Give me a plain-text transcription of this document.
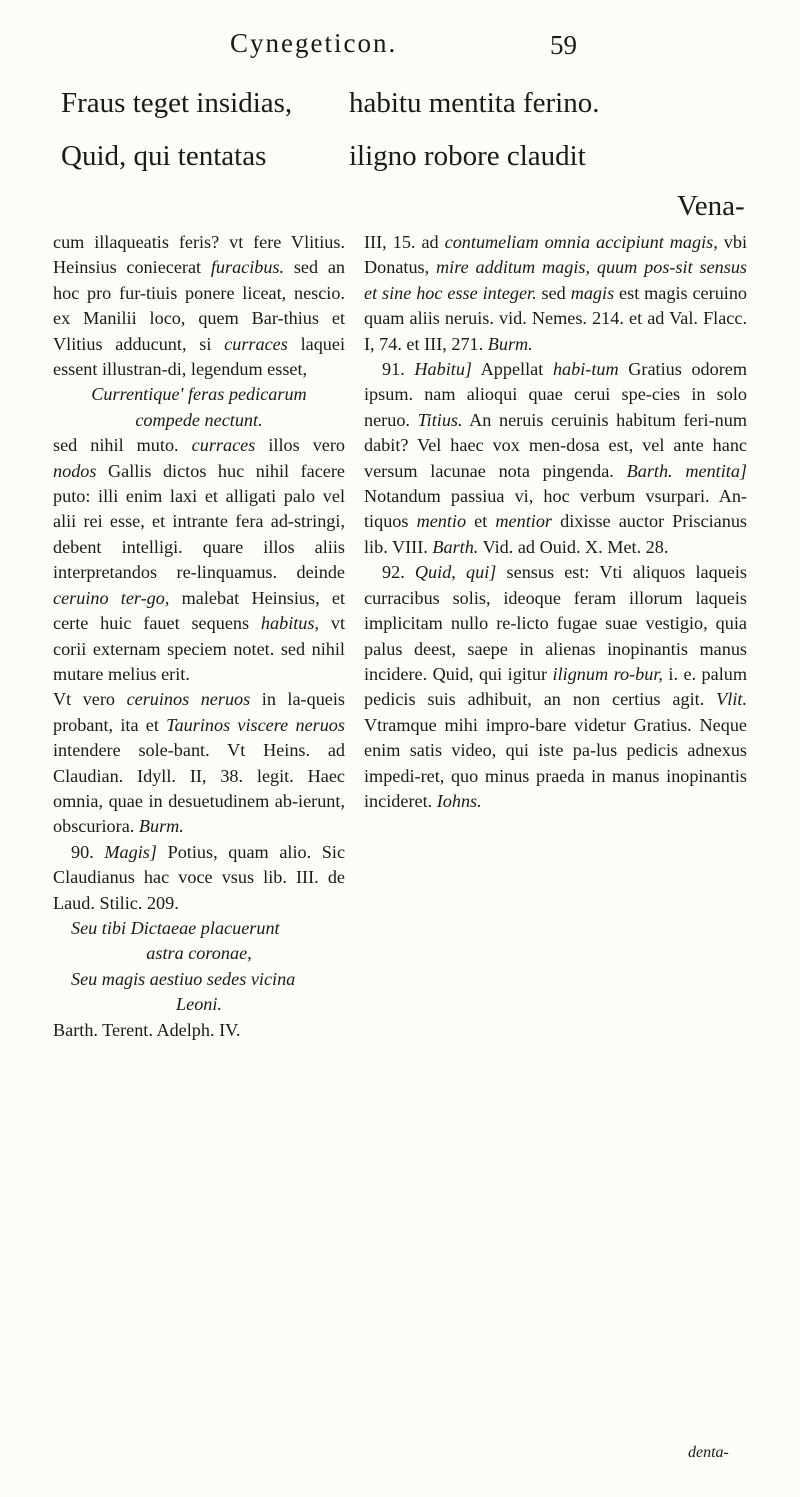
Cynegeticon.	59
Fraus teget insidias, habitu mentita ferino.
Quid, qui tentatas	iligno robore claudit
Vena-

cum illaqueatis feris? vt fere Vlitius. Heinsius coniecerat furacibus. sed an hoc pro fur-tiuis ponere liceat, nescio. ex Manilii loco, quem Bar-thius et Vlitius adducunt, si curraces laquei essent illustran-di, legendum esset,

Currentique' feras pedicarum

compede nectunt.

sed nihil muto. curraces illos vero nodos Gallis dictos huc nihil facere puto: illi enim laxi et alligati palo vel alii rei esse, et intrante fera ad-stringi, debent intelligi. quare illos aliis interpretandos re-linquamus. deinde ceruino ter-go, malebat Heinsius, et certe huic fauet sequens habitus, vt corii externam speciem notet. sed nihil mutare melius erit.

Vt vero ceruinos neruos in la-queis probant, ita et Taurinos viscere neruos intendere sole-bant. Vt Heins. ad Claudian. Idyll. II, 38. legit. Haec omnia, quae in desuetudinem ab-ierunt, obscuriora. Burm.

90. Magis] Potius, quam alio. Sic Claudianus hac voce vsus lib. III. de Laud. Stilic. 209.

Seu tibi Dictaeae placuerunt

astra coronae,

Seu magis aestiuo sedes vicina

Leoni.

Barth. Terent. Adelph. IV.

III, 15. ad contumeliam omnia accipiunt magis, vbi Donatus, mire additum magis, quum pos-sit sensus et sine hoc esse integer. sed magis est magis ceruino quam aliis neruis. vid. Nemes. 214. et ad Val. Flacc. I, 74. et III, 271. Burm.

91. Habitu] Appellat habi-tum Gratius odorem ipsum. nam alioqui quae cerui spe-cies in solo neruo. Titius. An neruis ceruinis habitum feri-num dabit? Vel haec vox men-dosa est, vel ante hanc versum lacunae nota pingenda. Barth. mentita] Notandum passiua vi, hoc verbum vsurpari. An-tiquos mentio et mentior dixisse auctor Priscianus lib. VIII. Barth. Vid. ad Ouid. X. Met. 28.

92. Quid, qui] sensus est: Vti aliquos laqueis curracibus solis, ideoque feram illorum laqueis implicitam nullo re-licto fugae suae vestigio, quia palus deest, saepe in alienas inopinantis manus incidere. Quid, qui igitur ilignum ro-bur, i. e. palum pedicis suis adhibuit, an non certius agit. Vlit. Vtramque mihi impro-bare videtur Gratius. Neque enim satis video, qui iste pa-lus pedicis adnexus impedi-ret, quo minus praeda in manus inopinantis incideret. Iohns.

denta-
